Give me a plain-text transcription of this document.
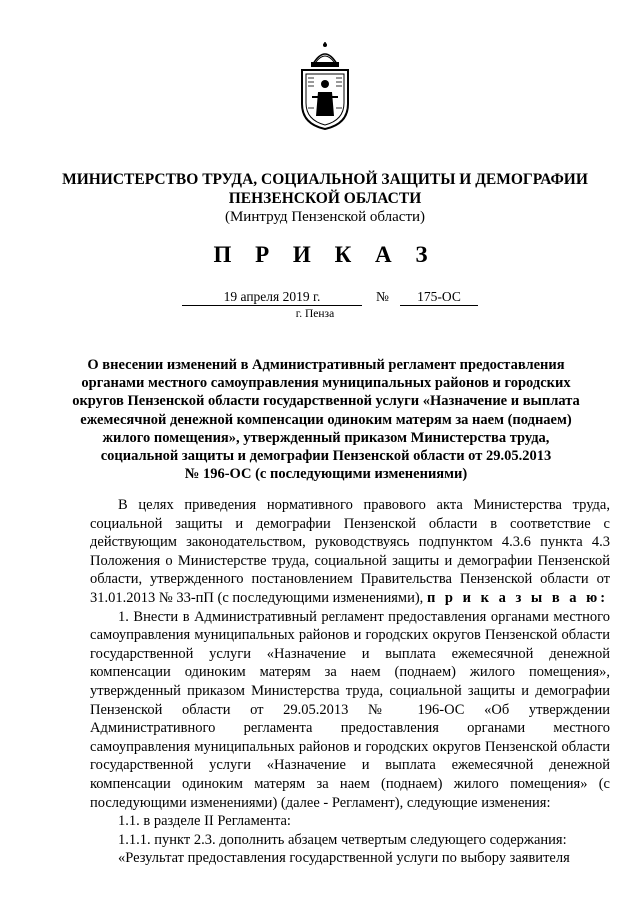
МИНИСТЕРСТВО ТРУДА, СОЦИАЛЬНОЙ ЗАЩИТЫ И ДЕМОГРАФИИ
ПЕНЗЕНСКОЙ ОБЛАСТИ
(Минтруд Пензенской области)
П Р И К А З
19 апреля 2019 г.	№	175-ОС
г. Пенза
О внесении изменений в Административный регламент предоставления
органами местного самоуправления муниципальных районов и городских
округов Пензенской области государственной услуги «Назначение и выплата
ежемесячной денежной компенсации одиноким матерям за наем (поднаем)
жилого помещения», утвержденный приказом Министерства труда,
социальной защиты и демографии Пензенской области от 29.05.2013
№ 196-ОС (с последующими изменениями)

В целях приведения нормативного правового акта Министерства труда, социальной защиты и демографии Пензенской области в соответствие с действующим законодательством, руководствуясь подпунктом 4.3.6 пункта 4.3 Положения о Министерстве труда, социальной защиты и демографии Пензенской области, утвержденного постановлением Правительства Пензенской области от 31.01.2013 № 33-пП (с последующими изменениями), п р и к а з ы в а ю:

1. Внести в Административный регламент предоставления органами местного самоуправления муниципальных районов и городских округов Пензенской области государственной услуги «Назначение и выплата ежемесячной денежной компенсации одиноким матерям за наем (поднаем) жилого помещения», утвержденный приказом Министерства труда, социальной защиты и демографии Пензенской области от 29.05.2013 № 196-ОС «Об утверждении Административного регламента предоставления органами местного самоуправления муниципальных районов и городских округов Пензенской области государственной услуги «Назначение и выплата ежемесячной денежной компенсации одиноким матерям за наем (поднаем) жилого помещения» (с последующими изменениями) (далее - Регламент), следующие изменения:

1.1. в разделе II Регламента:

1.1.1. пункт 2.3. дополнить абзацем четвертым следующего содержания:

«Результат предоставления государственной услуги по выбору заявителя
